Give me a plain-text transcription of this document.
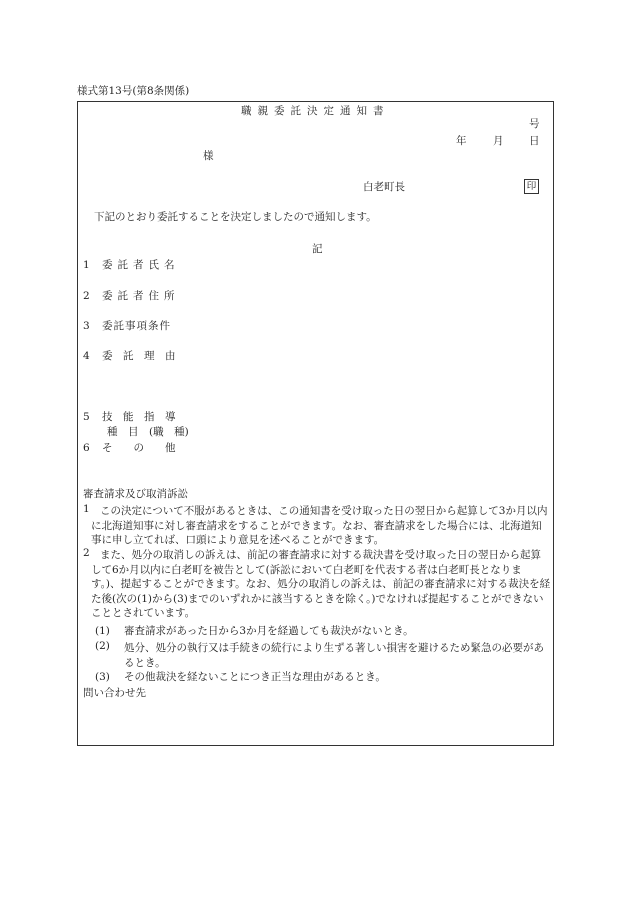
様式第13号(第8条関係)
職親委託決定通知書
号
年	月 日
様
白老町長	印
下記のとおり委託することを決定しましたので通知します。
記
1 委託者氏名
2 委託者住所
3 委託事項条件
4 委　託　理　由
5 技　能　指　導
種　目　(職　種)
6 そ　　の　　他
審査請求及び取消訴訟
1 この決定について不服があるときは、この通知書を受け取った日の翌日から起算して3か月以内に北海道知事に対し審査請求をすることができます。なお、審査請求をした場合には、北海道知事に申し立てれば、口頭により意見を述べることができます。
2 また、処分の取消しの訴えは、前記の審査請求に対する裁決書を受け取った日の翌日から起算して6か月以内に白老町を被告として(訴訟において白老町を代表する者は白老町長となります。)、提起することができます。なお、処分の取消しの訴えは、前記の審査請求に対する裁決を経た後(次の(1)から(3)までのいずれかに該当するときを除く。)でなければ提起することができないこととされています。
(1) 審査請求があった日から3か月を経過しても裁決がないとき。
(2) 処分、処分の執行又は手続きの続行により生ずる著しい損害を避けるため緊急の必要があるとき。
(3) その他裁決を経ないことにつき正当な理由があるとき。
問い合わせ先
